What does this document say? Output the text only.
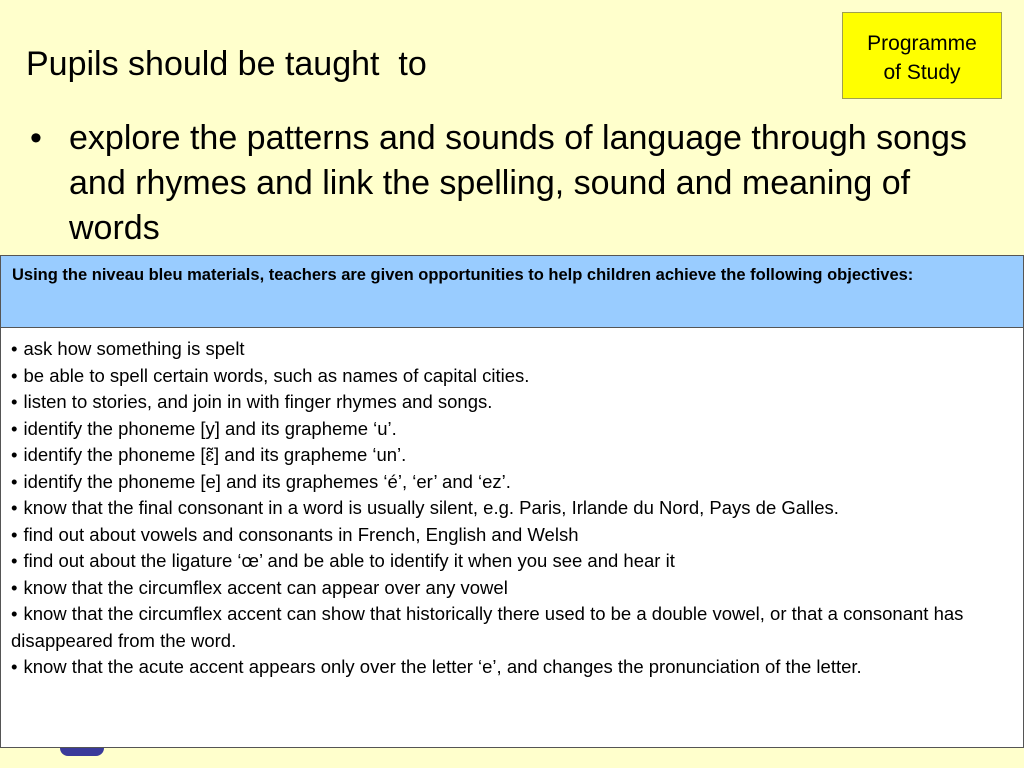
Pupils should be taught  to
Programme
of Study
• explore the patterns and sounds of language through songs and rhymes and link the spelling, sound and meaning of words
Using the niveau bleu materials, teachers are given opportunities to help children achieve the following objectives:
• ask how something is spelt
• be able to spell certain words, such as names of capital cities.
• listen to stories, and join in with finger rhymes and songs.
• identify the phoneme [y] and its grapheme ‘u’.
• identify the phoneme [ɛ̃] and its grapheme ‘un’.
• identify the phoneme [e] and its graphemes ‘é’, ‘er’ and ‘ez’.
• know that the final consonant in a word is usually silent, e.g. Paris, Irlande du Nord, Pays de Galles.
• find out about vowels and consonants in French, English and Welsh
• find out about the ligature ‘œ’ and be able to identify it when you see and hear it
• know that the circumflex accent can appear over any vowel
• know that the circumflex accent can show that historically there used to be a double vowel, or that a consonant has disappeared from the word.
• know that the acute accent appears only over the letter ‘e’, and changes the pronunciation of the letter.
